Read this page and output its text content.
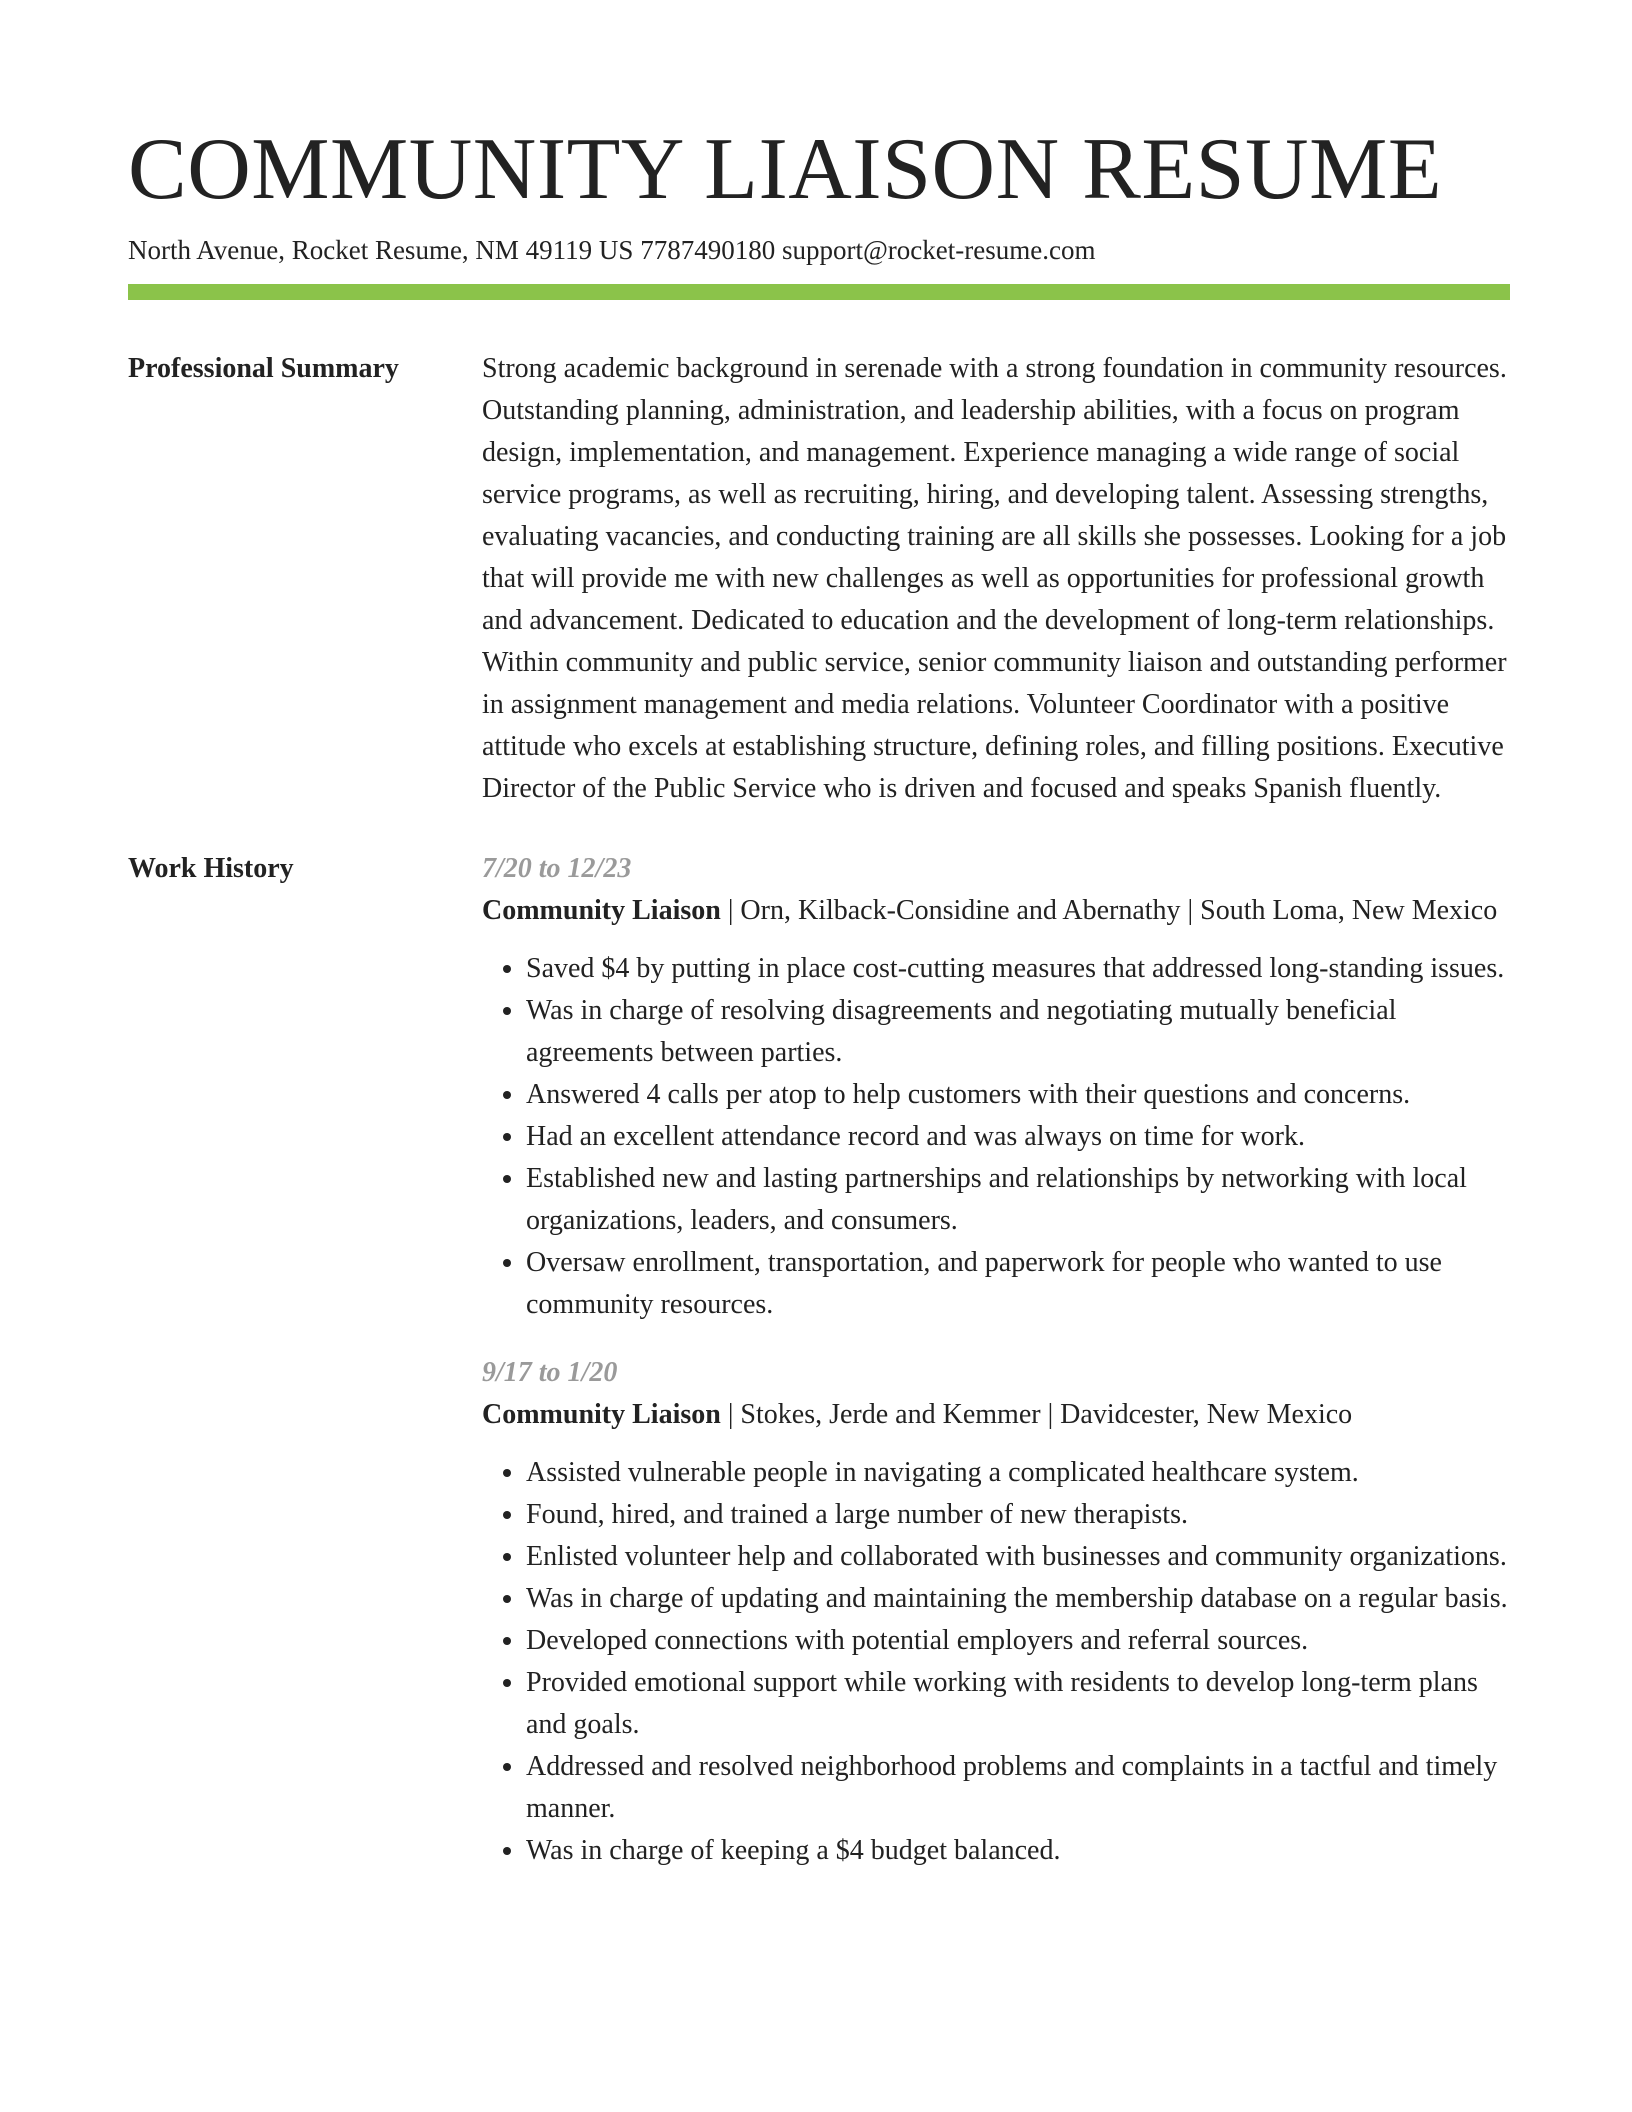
COMMUNITY LIAISON RESUME
North Avenue, Rocket Resume, NM 49119 US 7787490180 support@rocket-resume.com
Professional Summary	Strong academic background in serenade with a strong foundation in community resources. Outstanding planning, administration, and leadership abilities, with a focus on program design, implementation, and management. Experience managing a wide range of social service programs, as well as recruiting, hiring, and developing talent. Assessing strengths, evaluating vacancies, and conducting training are all skills she possesses. Looking for a job that will provide me with new challenges as well as opportunities for professional growth and advancement. Dedicated to education and the development of long-term relationships. Within community and public service, senior community liaison and outstanding performer in assignment management and media relations. Volunteer Coordinator with a positive attitude who excels at establishing structure, defining roles, and filling positions. Executive Director of the Public Service who is driven and focused and speaks Spanish fluently.

Work History	7/20 to 12/23
Community Liaison | Orn, Kilback-Considine and Abernathy | South Loma, New Mexico
• Saved $4 by putting in place cost-cutting measures that addressed long-standing issues.
• Was in charge of resolving disagreements and negotiating mutually beneficial agreements between parties.
• Answered 4 calls per atop to help customers with their questions and concerns.
• Had an excellent attendance record and was always on time for work.
• Established new and lasting partnerships and relationships by networking with local organizations, leaders, and consumers.
• Oversaw enrollment, transportation, and paperwork for people who wanted to use community resources.
9/17 to 1/20
Community Liaison | Stokes, Jerde and Kemmer | Davidcester, New Mexico
• Assisted vulnerable people in navigating a complicated healthcare system.
• Found, hired, and trained a large number of new therapists.
• Enlisted volunteer help and collaborated with businesses and community organizations.
• Was in charge of updating and maintaining the membership database on a regular basis.
• Developed connections with potential employers and referral sources.
• Provided emotional support while working with residents to develop long-term plans and goals.
• Addressed and resolved neighborhood problems and complaints in a tactful and timely manner.
• Was in charge of keeping a $4 budget balanced.
